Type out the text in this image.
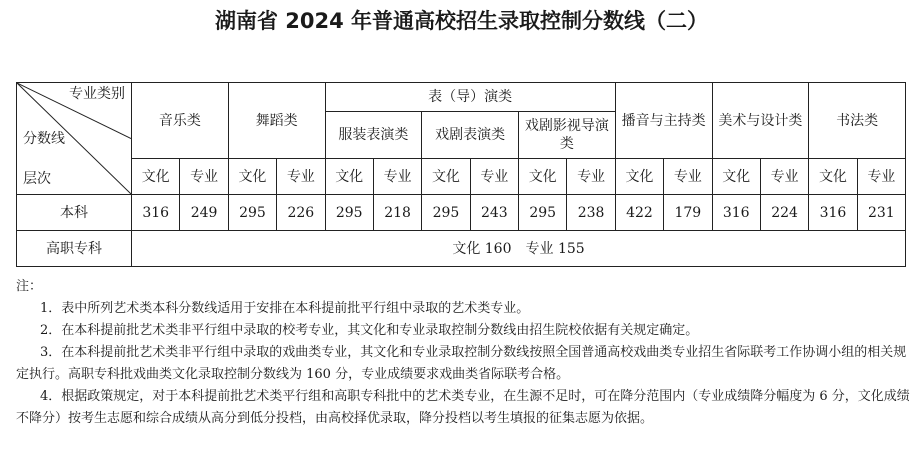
湖南省 2024 年普通高校招生录取控制分数线（二）
专业类别
分数线
层次	音乐类		舞蹈类		表（导）演类						播音与主持类		美术与设计类		书法类	
					服装表演类		戏剧表演类		戏剧影视导演类							
	文化	专业	文化	专业	文化	专业	文化	专业	文化	专业	文化	专业	文化	专业	文化	专业
本科	316	249	295	226	295	218	295	243	295	238	422	179	316	224	316	231
高职专科	文化 160　专业 155															

注：

1．表中所列艺术类本科分数线适用于安排在本科提前批平行组中录取的艺术类专业。

2．在本科提前批艺术类非平行组中录取的校考专业，其文化和专业录取控制分数线由招生院校依据有关规定确定。

3．在本科提前批艺术类非平行组中录取的戏曲类专业，其文化和专业录取控制分数线按照全国普通高校戏曲类专业招生省际联考工作协调小组的相关规定执行。高职专科批戏曲类文化录取控制分数线为 160 分，专业成绩要求戏曲类省际联考合格。

4．根据政策规定，对于本科提前批艺术类平行组和高职专科批中的艺术类专业，在生源不足时，可在降分范围内（专业成绩降分幅度为 6 分，文化成绩不降分）按考生志愿和综合成绩从高分到低分投档，由高校择优录取，降分投档以考生填报的征集志愿为依据。
